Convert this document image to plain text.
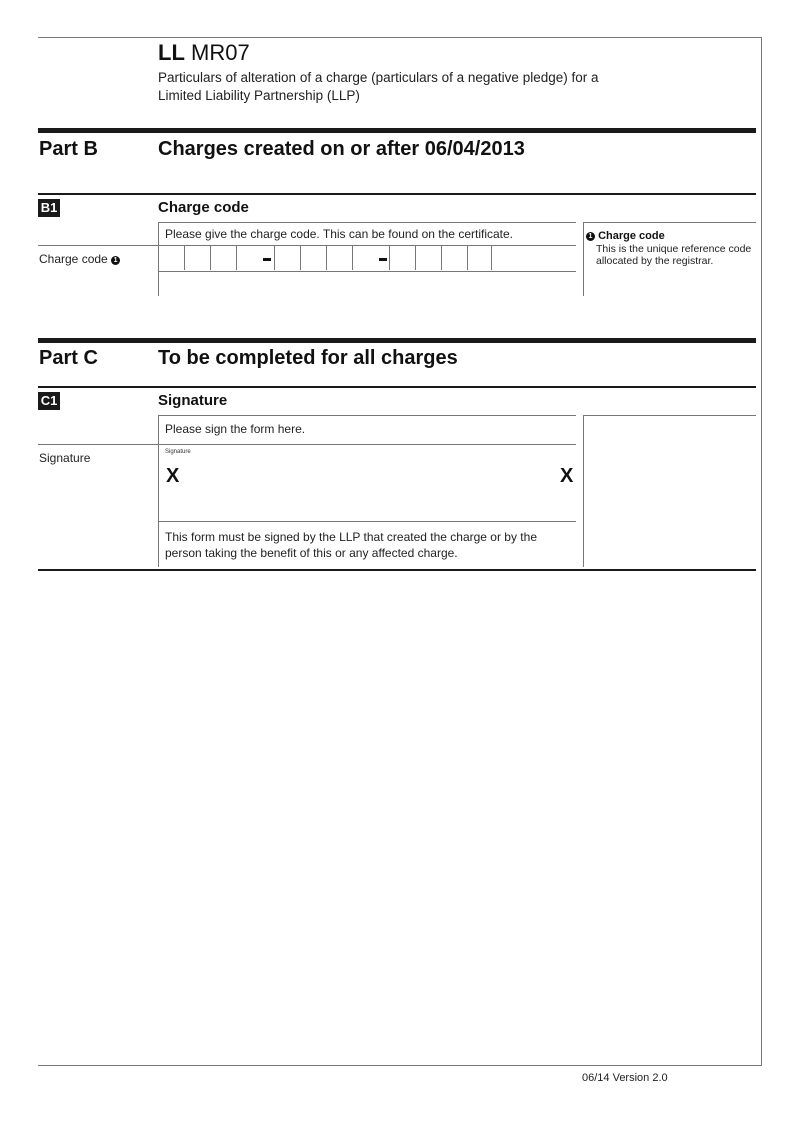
LL MR07
Particulars of alteration of a charge (particulars of a negative pledge) for a Limited Liability Partnership (LLP)
Part B	Charges created on or after 06/04/2013
B1	Charge code
Please give the charge code. This can be found on the certificate.
Charge code 1
1 Charge code
This is the unique reference code allocated by the registrar.
Part C	To be completed for all charges
C1	Signature
Please sign the form here.
Signature	Signature
X	X
This form must be signed by the LLP that created the charge or by the person taking the benefit of this or any affected charge.
06/14 Version 2.0
